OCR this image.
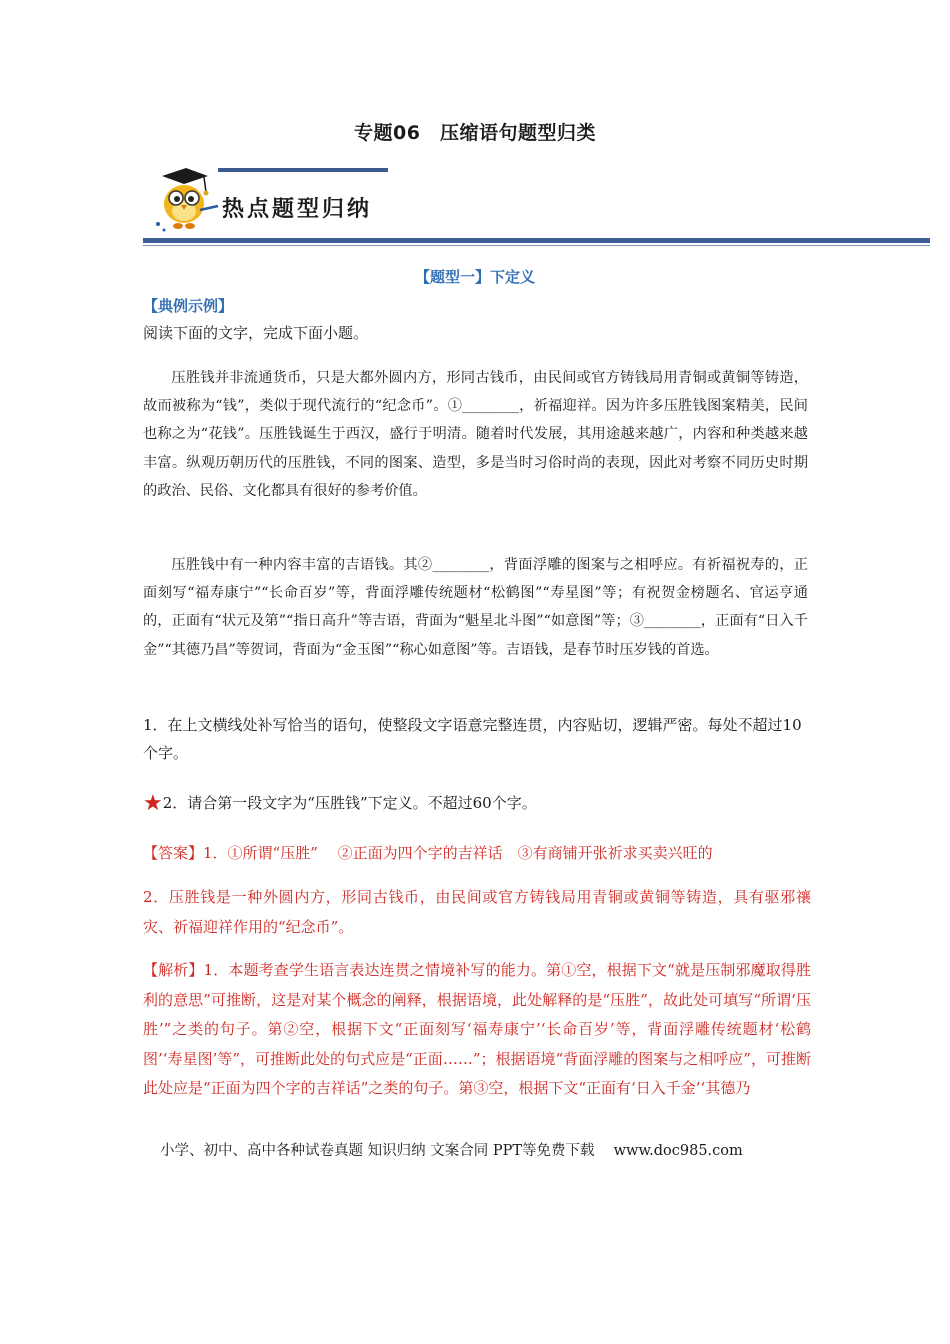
专题06　压缩语句题型归类
热点题型归纳
【题型一】下定义
【典例示例】
阅读下面的文字，完成下面小题。

压胜钱并非流通货币，只是大都外圆内方，形同古钱币，由民间或官方铸钱局用青铜或黄铜等铸造，故而被称为“钱”，类似于现代流行的“纪念币”。①________，祈福迎祥。因为许多压胜钱图案精美，民间也称之为“花钱”。压胜钱诞生于西汉，盛行于明清。随着时代发展，其用途越来越广，内容和种类越来越丰富。纵观历朝历代的压胜钱，不同的图案、造型，多是当时习俗时尚的表现，因此对考察不同历史时期的政治、民俗、文化都具有很好的参考价值。

压胜钱中有一种内容丰富的吉语钱。其②________，背面浮雕的图案与之相呼应。有祈福祝寿的，正面刻写“福寿康宁”“长命百岁”等，背面浮雕传统题材“松鹤图”“寿星图”等；有祝贺金榜题名、官运亨通的，正面有“状元及第”“指日高升”等吉语，背面为“魁星北斗图”“如意图”等；③________，正面有“日入千金”“其德乃昌”等贺词，背面为“金玉图”“称心如意图”等。吉语钱，是春节时压岁钱的首选。

1．在上文横线处补写恰当的语句，使整段文字语意完整连贯，内容贴切，逻辑严密。每处不超过10个字。
★2．请合第一段文字为“压胜钱”下定义。不超过60个字。
【答案】1．①所谓“压胜”　 ②正面为四个字的吉祥话　③有商铺开张祈求买卖兴旺的
2．压胜钱是一种外圆内方，形同古钱币，由民间或官方铸钱局用青铜或黄铜等铸造，具有驱邪禳灾、祈福迎祥作用的“纪念币”。
【解析】1．本题考查学生语言表达连贯之情境补写的能力。第①空，根据下文“就是压制邪魔取得胜利的意思”可推断，这是对某个概念的阐释，根据语境，此处解释的是“压胜”，故此处可填写“所谓‘压胜’”之类的句子。第②空，根据下文“正面刻写‘福寿康宁’‘长命百岁’等，背面浮雕传统题材‘松鹤图’‘寿星图’等”，可推断此处的句式应是“正面……”；根据语境“背面浮雕的图案与之相呼应”，可推断此处应是“正面为四个字的吉祥话”之类的句子。第③空，根据下文“正面有‘日入千金’‘其德乃
小学、初中、高中各种试卷真题 知识归纳 文案合同 PPT等免费下载　 www.doc985.com
